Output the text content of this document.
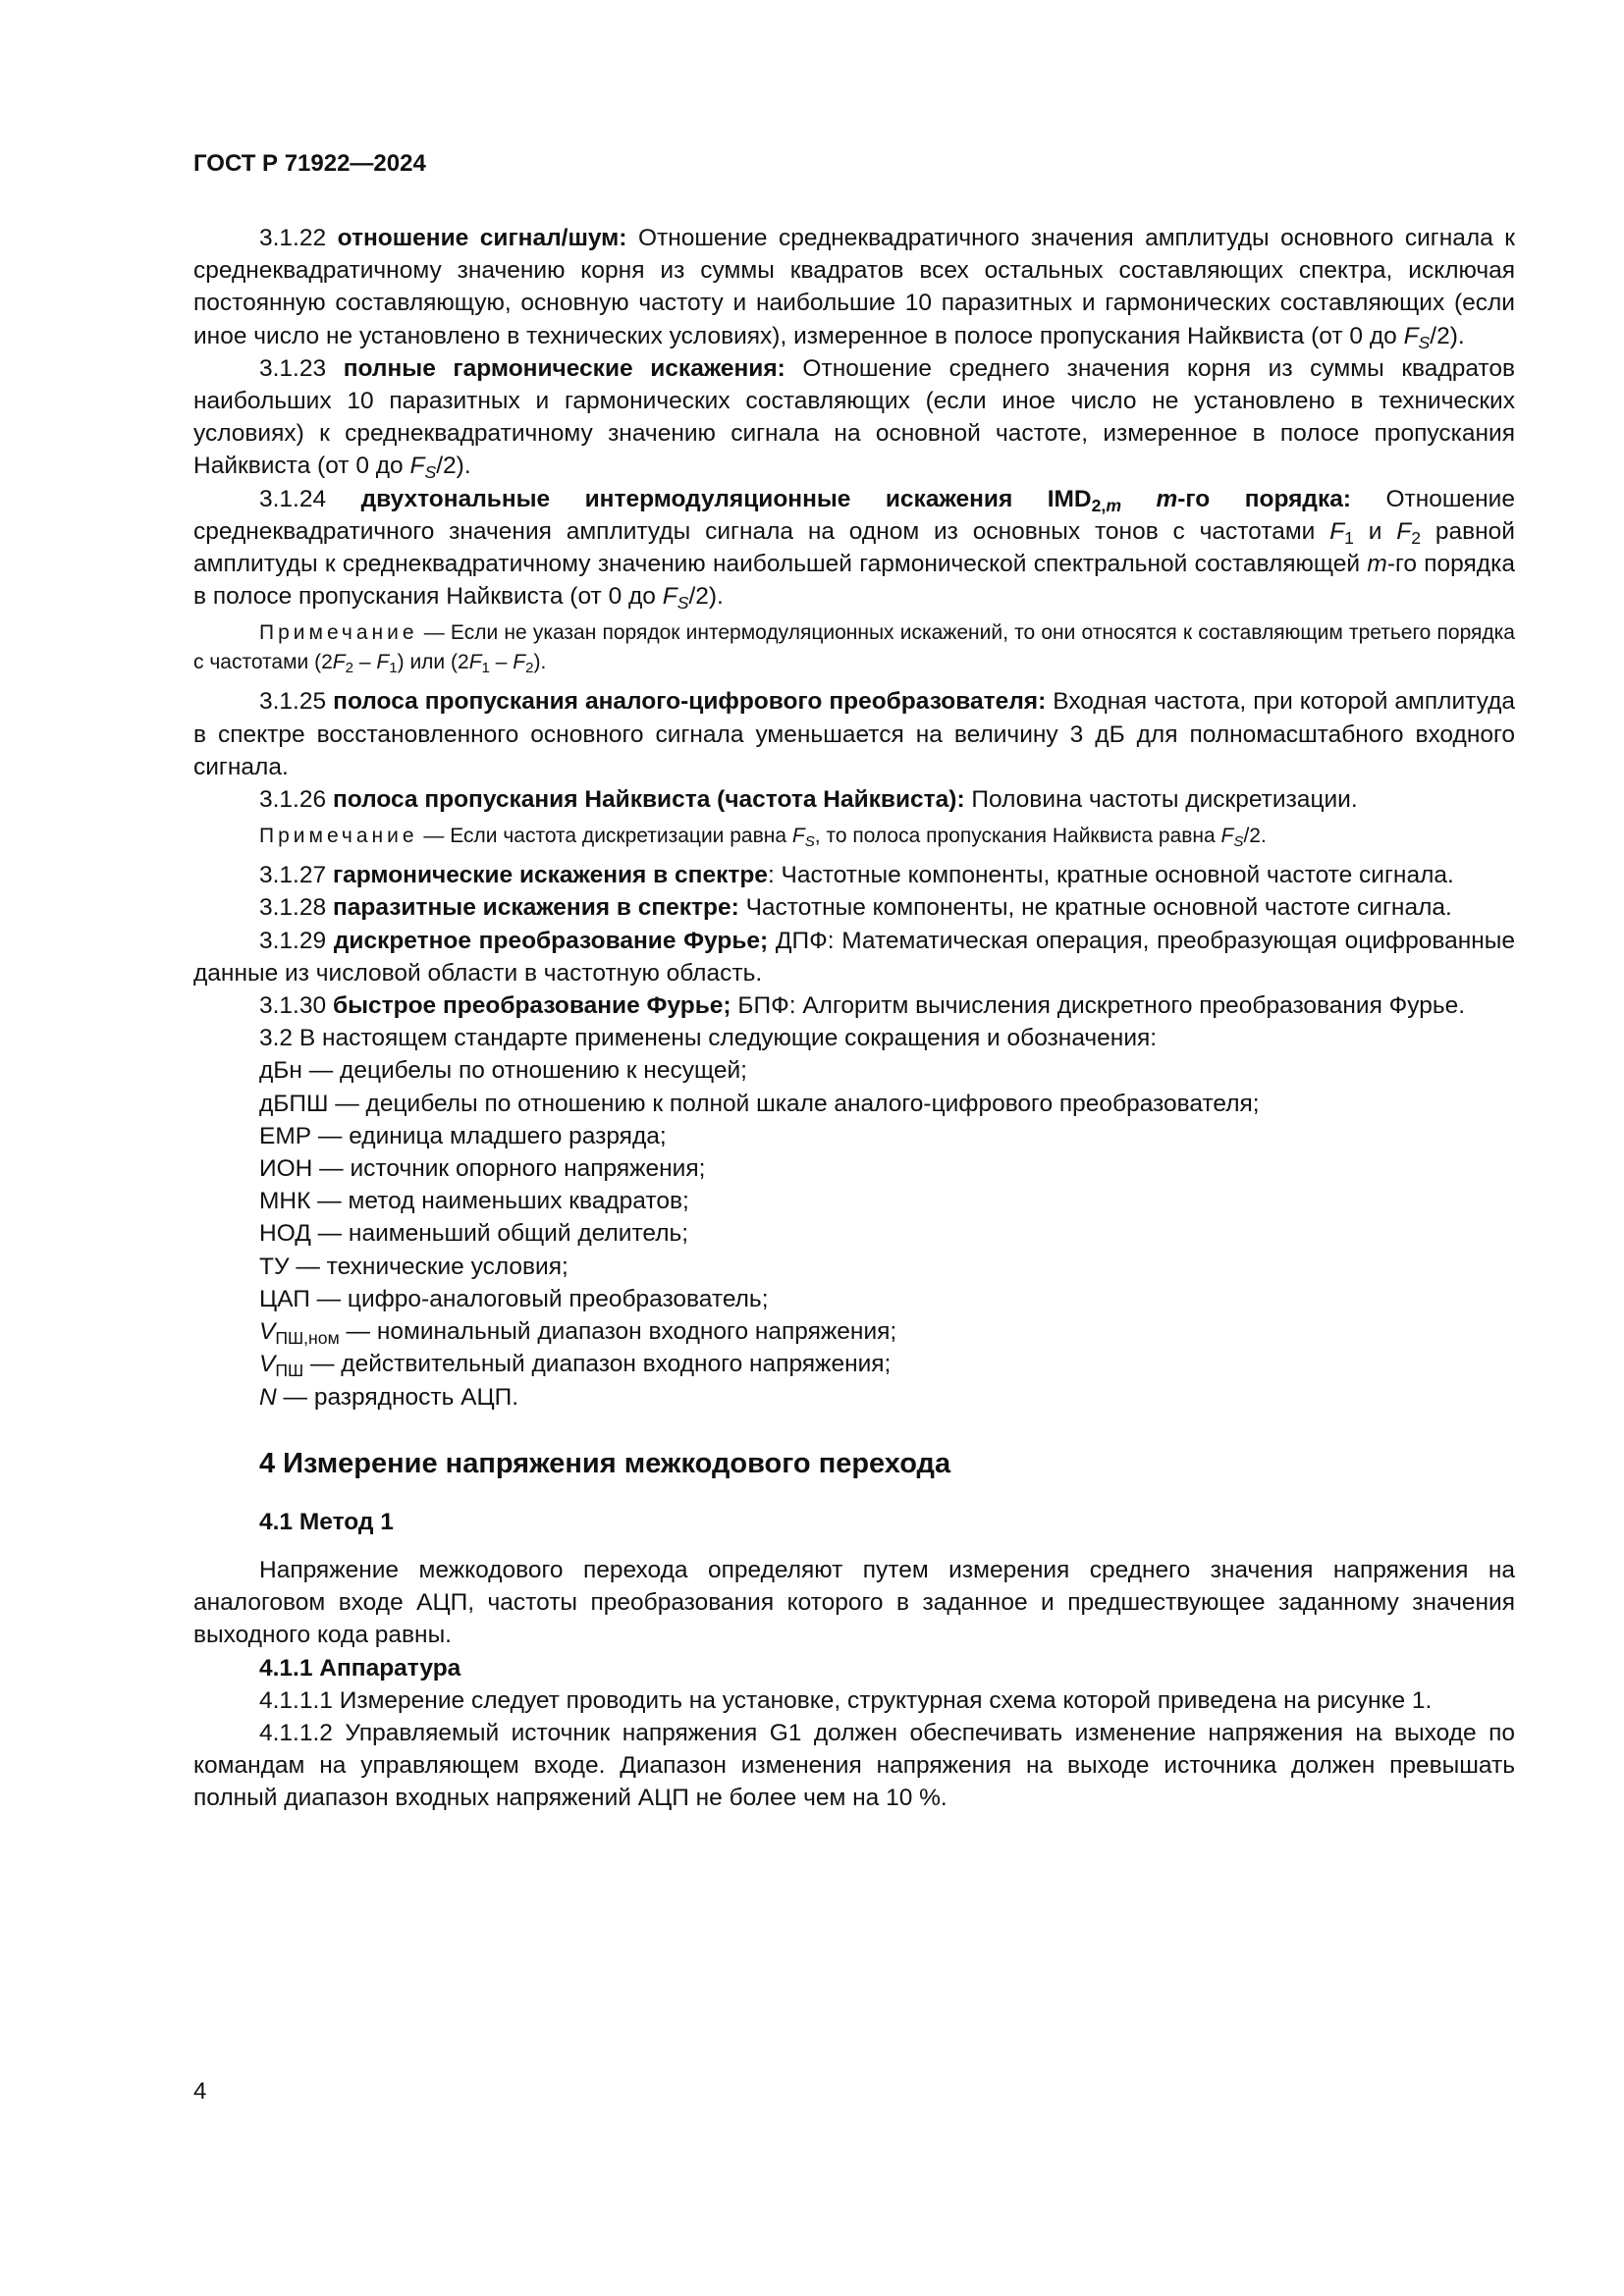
ГОСТ Р 71922—2024

3.1.22 отношение сигнал/шум: Отношение среднеквадратичного значения амплитуды основного сигнала к среднеквадратичному значению корня из суммы квадратов всех остальных составляющих спектра, исключая постоянную составляющую, основную частоту и наибольшие 10 паразитных и гармонических составляющих (если иное число не установлено в технических условиях), измеренное в полосе пропускания Найквиста (от 0 до $F_S/2$).

3.1.23 полные гармонические искажения: Отношение среднего значения корня из суммы квадратов наибольших 10 паразитных и гармонических составляющих (если иное число не установлено в технических условиях) к среднеквадратичному значению сигнала на основной частоте, измеренное в полосе пропускания Найквиста (от 0 до $F_S/2$).

3.1.24 двухтональные интермодуляционные искажения $IMD_{2,m}$ m-го порядка: Отношение среднеквадратичного значения амплитуды сигнала на одном из основных тонов с частотами $F_1$ и $F_2$ равной амплитуды к среднеквадратичному значению наибольшей гармонической спектральной составляющей m-го порядка в полосе пропускания Найквиста (от 0 до $F_S/2$).

Примечание — Если не указан порядок интермодуляционных искажений, то они относятся к составляющим третьего порядка с частотами $(2F_2 - F_1)$ или $(2F_1 - F_2)$.

3.1.25 полоса пропускания аналого-цифрового преобразователя: Входная частота, при которой амплитуда в спектре восстановленного основного сигнала уменьшается на величину 3 дБ для полномасштабного входного сигнала.

3.1.26 полоса пропускания Найквиста (частота Найквиста): Половина частоты дискретизации.

Примечание — Если частота дискретизации равна $F_S$, то полоса пропускания Найквиста равна $F_S/2$.

3.1.27 гармонические искажения в спектре: Частотные компоненты, кратные основной частоте сигнала.

3.1.28 паразитные искажения в спектре: Частотные компоненты, не кратные основной частоте сигнала.

3.1.29 дискретное преобразование Фурье; ДПФ: Математическая операция, преобразующая оцифрованные данные из числовой области в частотную область.

3.1.30 быстрое преобразование Фурье; БПФ: Алгоритм вычисления дискретного преобразования Фурье.

3.2 В настоящем стандарте применены следующие сокращения и обозначения:

дБн — децибелы по отношению к несущей;

дБПШ — децибелы по отношению к полной шкале аналого-цифрового преобразователя;

ЕМР — единица младшего разряда;

ИОН — источник опорного напряжения;

МНК — метод наименьших квадратов;

НОД — наименьший общий делитель;

ТУ — технические условия;

ЦАП — цифро-аналоговый преобразователь;

$V_{ПШ,ном}$ — номинальный диапазон входного напряжения;

$V_{ПШ}$ — действительный диапазон входного напряжения;

N — разрядность АЦП.

4 Измерение напряжения межкодового перехода
4.1 Метод 1

Напряжение межкодового перехода определяют путем измерения среднего значения напряжения на аналоговом входе АЦП, частоты преобразования которого в заданное и предшествующее заданному значения выходного кода равны.

4.1.1 Аппаратура

4.1.1.1 Измерение следует проводить на установке, структурная схема которой приведена на рисунке 1.

4.1.1.2 Управляемый источник напряжения G1 должен обеспечивать изменение напряжения на выходе по командам на управляющем входе. Диапазон изменения напряжения на выходе источника должен превышать полный диапазон входных напряжений АЦП не более чем на 10 %.

4
